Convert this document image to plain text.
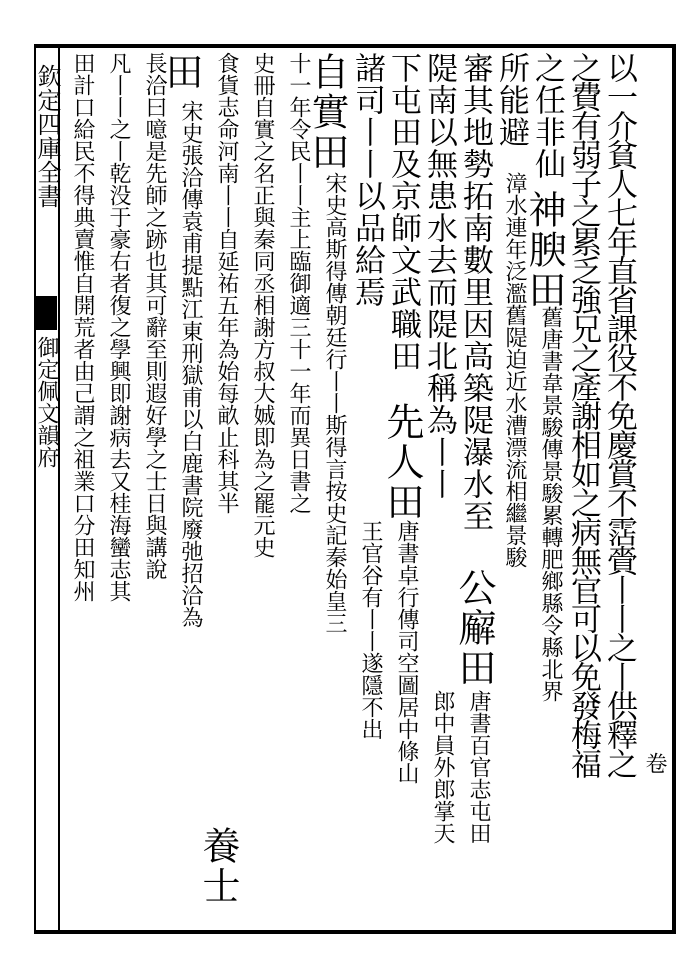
欽定四庫全書
御定佩文韻府
卷
以一介貧人七年直省課役不免慶賞不霑賫丨丨之丨供釋之
之費有弱子之累乏強兄之產謝相如之病無官可以免發梅福
之任非仙
神腴田
舊唐書韋景駿傳景駿累轉肥鄉縣令縣北界
所能避
漳水連年泛濫舊隄迫近水漕漂流相繼景駿
審其地勢拓南數里因高築隄瀑水至
公廨田
唐書百官志屯田
隄南以無患水去而隄北稱為丨丨
郎中員外郎掌天
下屯田及京師文武職田
先人田
唐書卓行傳司空圖居中條山
諸司丨丨以品給焉
王官谷有丨丨遂隱不出
自實田
宋史高斯得傳朝廷行丨丨斯得言按史記秦始皇三
十一年令民丨丨主上臨御適三十一年而異日書之
史冊自實之名正與秦同丞相謝方叔大娍即為之罷元史
食貨志命河南丨丨自延祐五年為始每畝止科其半
養士
田
宋史張洽傳袁甫提點江東刑獄甫以白鹿書院廢弛招洽為
長洽曰噫是先師之跡也其可辭至則遐好學之士日與講說
凡丨丨之丨乾没于豪右者復之學興即謝病去又桂海蠻志其
田計口給民不得典賣惟自開荒者由己謂之祖業口分田知州
